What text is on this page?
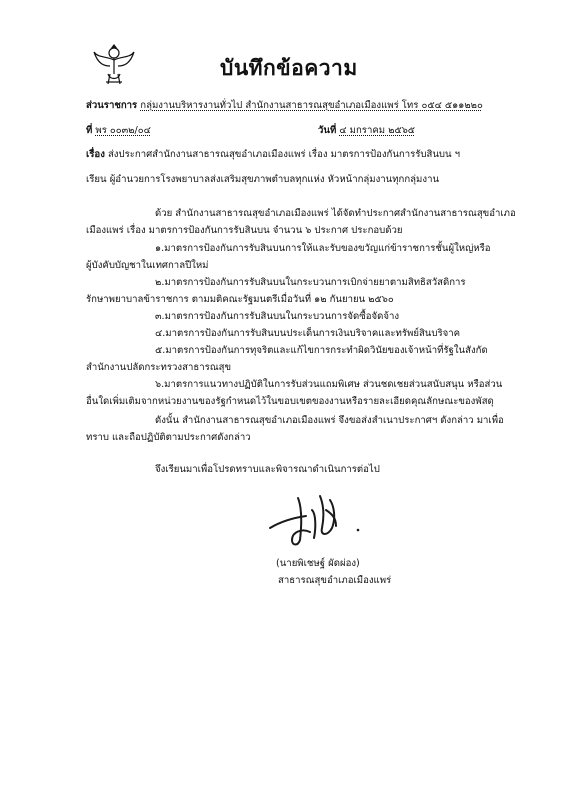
บันทึกข้อความ
ส่วนราชการ กลุ่มงานบริหารงานทั่วไป สำนักงานสาธารณสุขอำเภอเมืองแพร่ โทร ๐๕๔ ๕๑๑๒๒๐
ที่ พร ๐๐๓๒/๐๔	วันที่ ๔ มกราคม ๒๕๖๕
เรื่อง ส่งประกาศสำนักงานสาธารณสุขอำเภอเมืองแพร่ เรื่อง มาตรการป้องกันการรับสินบน ฯ
เรียน ผู้อำนวยการโรงพยาบาลส่งเสริมสุขภาพตำบลทุกแห่ง หัวหน้ากลุ่มงานทุกกลุ่มงาน
ด้วย สำนักงานสาธารณสุขอำเภอเมืองแพร่ ได้จัดทำประกาศสำนักงานสาธารณสุขอำเภอ
เมืองแพร่ เรื่อง มาตรการป้องกันการรับสินบน จำนวน ๖ ประกาศ ประกอบด้วย
๑.มาตรการป้องกันการรับสินบนการให้และรับของขวัญแก่ข้าราชการชั้นผู้ใหญ่หรือ
ผู้บังคับบัญชาในเทศกาลปีใหม่
๒.มาตรการป้องกันการรับสินบนในกระบวนการเบิกจ่ายยาตามสิทธิสวัสดิการ
รักษาพยาบาลข้าราชการ ตามมติคณะรัฐมนตรีเมื่อวันที่ ๑๒ กันยายน ๒๕๖๐
๓.มาตรการป้องกันการรับสินบนในกระบวนการจัดซื้อจัดจ้าง
๔.มาตรการป้องกันการรับสินบนประเด็นการเงินบริจาคและทรัพย์สินบริจาค
๕.มาตรการป้องกันการทุจริตและแก้ไขการกระทำผิดวินัยของเจ้าหน้าที่รัฐในสังกัด
สำนักงานปลัดกระทรวงสาธารณสุข
๖.มาตรการแนวทางปฏิบัติในการรับส่วนแถมพิเศษ ส่วนชดเชยส่วนสนับสนุน หรือส่วน
อื่นใดเพิ่มเติมจากหน่วยงานของรัฐกำหนดไว้ในขอบเขตของงานหรือรายละเอียดคุณลักษณะของพัสดุ
ดังนั้น สำนักงานสาธารณสุขอำเภอเมืองแพร่ จึงขอส่งสำเนาประกาศฯ ดังกล่าว มาเพื่อ
ทราบ และถือปฏิบัติตามประกาศดังกล่าว
จึงเรียนมาเพื่อโปรดทราบและพิจารณาดำเนินการต่อไป
(นายพิเชษฐ์ ผัดผ่อง)
สาธารณสุขอำเภอเมืองแพร่
